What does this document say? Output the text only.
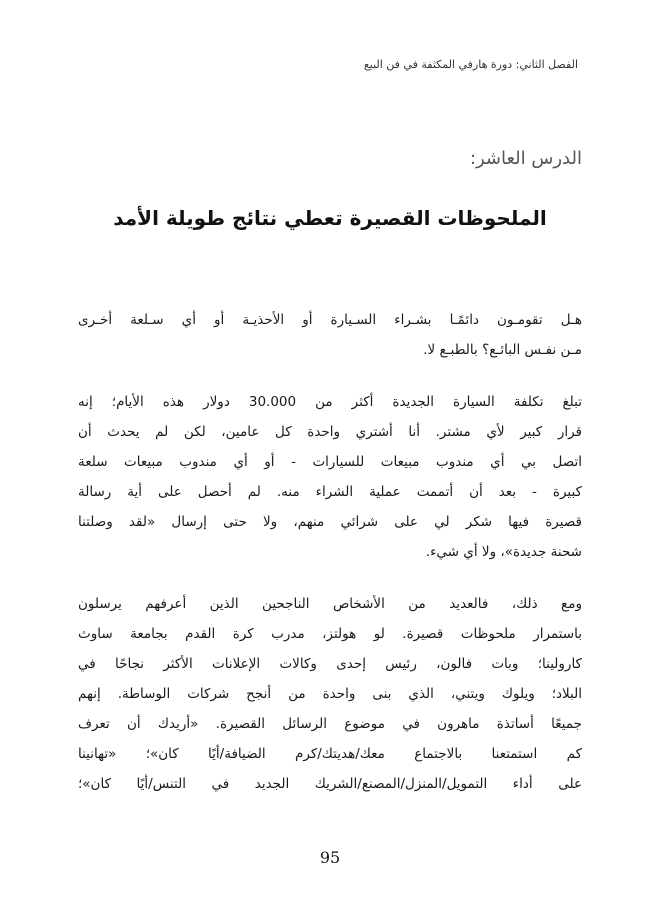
الفصل الثاني: دورة هارفي المكثفة في فن البيع
الدرس العاشر:
الملحوظات القصيرة تعطي نتائج طويلة الأمد

هـل تقومـون دائمًـا بشـراء السـيارة أو الأحذيـة أو أي سـلعة أخـرى
مـن نفـس البائـع؟ بالطبـع لا.

تبلغ تكلفة السيارة الجديدة أكثر من 30.000 دولار هذه الأيام؛ إنه
قرار كبير لأي مشتر. أنا أشتري واحدة كل عامين، لكن لم يحدث أن
اتصل بي أي مندوب مبيعات للسيارات - أو أي مندوب مبيعات سلعة
كبيرة - بعد أن أتممت عملية الشراء منه. لم أحصل على أية رسالة
قصيرة فيها شكر لي على شرائي منهم، ولا حتى إرسال «لقد وصلتنا
شحنة جديدة»، ولا أي شيء.

ومع ذلك، فالعديد من الأشخاص الناجحين الذين أعرفهم يرسلون
باستمرار ملحوظات قصيرة. لو هولتز، مدرب كرة القدم بجامعة ساوث
كارولينا؛ وبات فالون، رئيس إحدى وكالات الإعلانات الأكثر نجاحًا في
البلاد؛ ويلوك ويتني، الذي بنى واحدة من أنجح شركات الوساطة. إنهم
جميعًا أساتذة ماهرون في موضوع الرسائل القصيرة. «أريدك أن تعرف
كم استمتعنا بالاجتماع معك/هديتك/كرم الضيافة/أيًا كان»؛ «تهانينا
على أداء التمويل/المنزل/المصنع/الشريك الجديد في التنس/أيًا كان»؛

95
